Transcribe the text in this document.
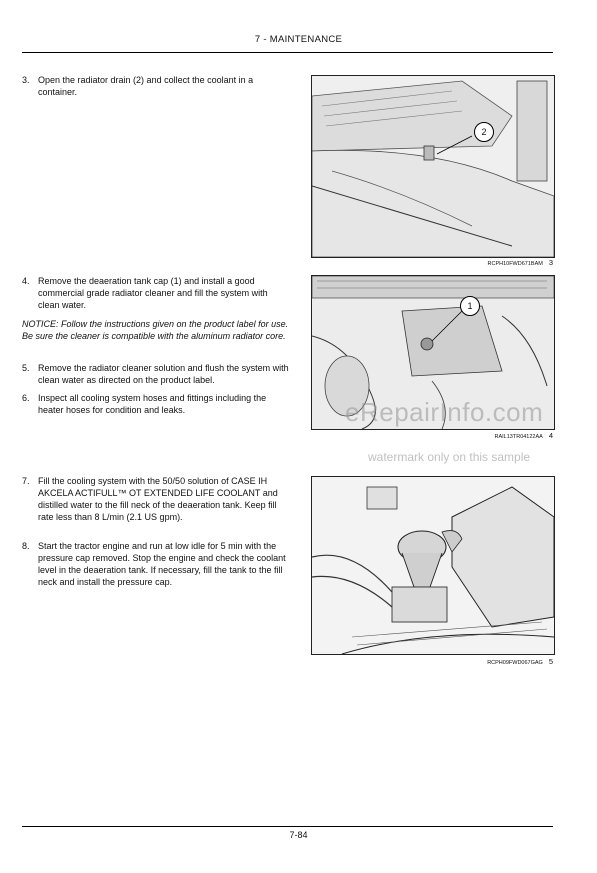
7 - MAINTENANCE
3. Open the radiator drain (2) and collect the coolant in a container.
2
RCPH10FWD671BAM 3
4. Remove the deaeration tank cap (1) and install a good commercial grade radiator cleaner and fill the system with clean water.
NOTICE: Follow the instructions given on the product label for use. Be sure the cleaner is compatible with the aluminum radiator core.
5. Remove the radiator cleaner solution and flush the system with clean water as directed on the product label.
6. Inspect all cooling system hoses and fittings including the heater hoses for condition and leaks.
1
RAIL13TR04122AA 4
eRepairInfo.com
watermark only on this sample
7. Fill the cooling system with the 50/50 solution of CASE IH AKCELA ACTIFULL™ OT EXTENDED LIFE COOLANT and distilled water to the fill neck of the deaeration tank. Keep fill rate less than 8 L/min (2.1 US gpm).
8. Start the tractor engine and run at low idle for 5 min with the pressure cap removed. Stop the engine and check the coolant level in the deaeration tank. If necessary, fill the tank to the fill neck and install the pressure cap.
RCPH09FWD067GAG 5
7-84
